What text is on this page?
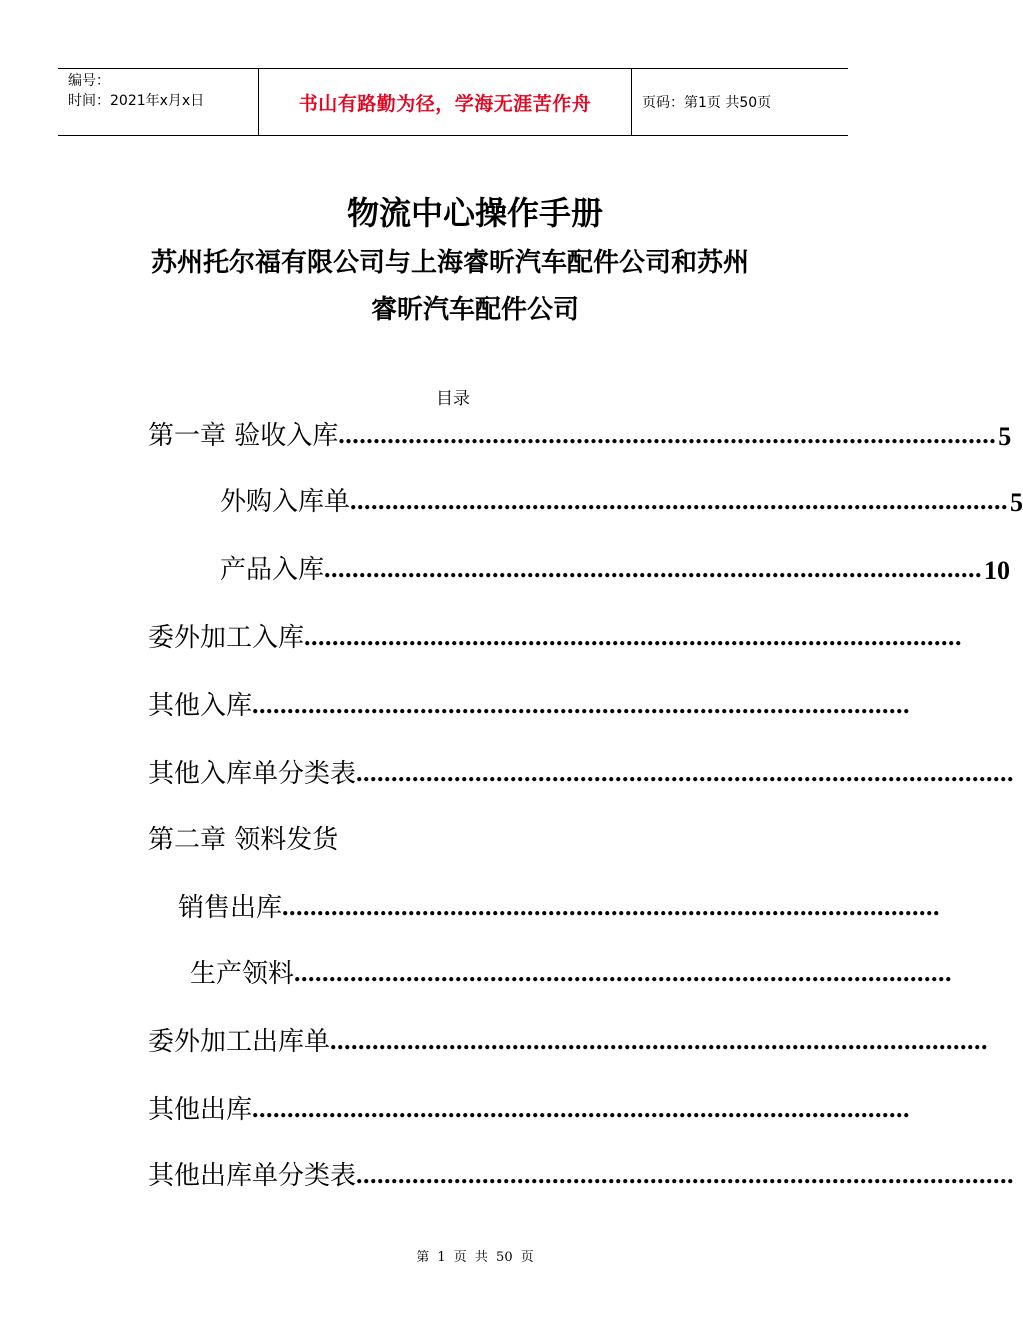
编号：
时间：2021年x月x日	书山有路勤为径，学海无涯苦作舟	页码：第1页 共50页
物流中心操作手册
苏州托尔福有限公司与上海睿昕汽车配件公司和苏州
睿昕汽车配件公司
目录
第一章 验收入库 .............................................................................................. 5
外购入库单 .............................................................................................. 5
产品入库 .............................................................................................. 10
委外加工入库 ..............................................................................................
其他入库 ..............................................................................................
其他入库单分类表 ..............................................................................................
第二章 领料发货
销售出库 ..............................................................................................
生产领料 ..............................................................................................
委外加工出库单 ..............................................................................................
其他出库 ..............................................................................................
其他出库单分类表 ..............................................................................................
第 1 页 共 50 页
